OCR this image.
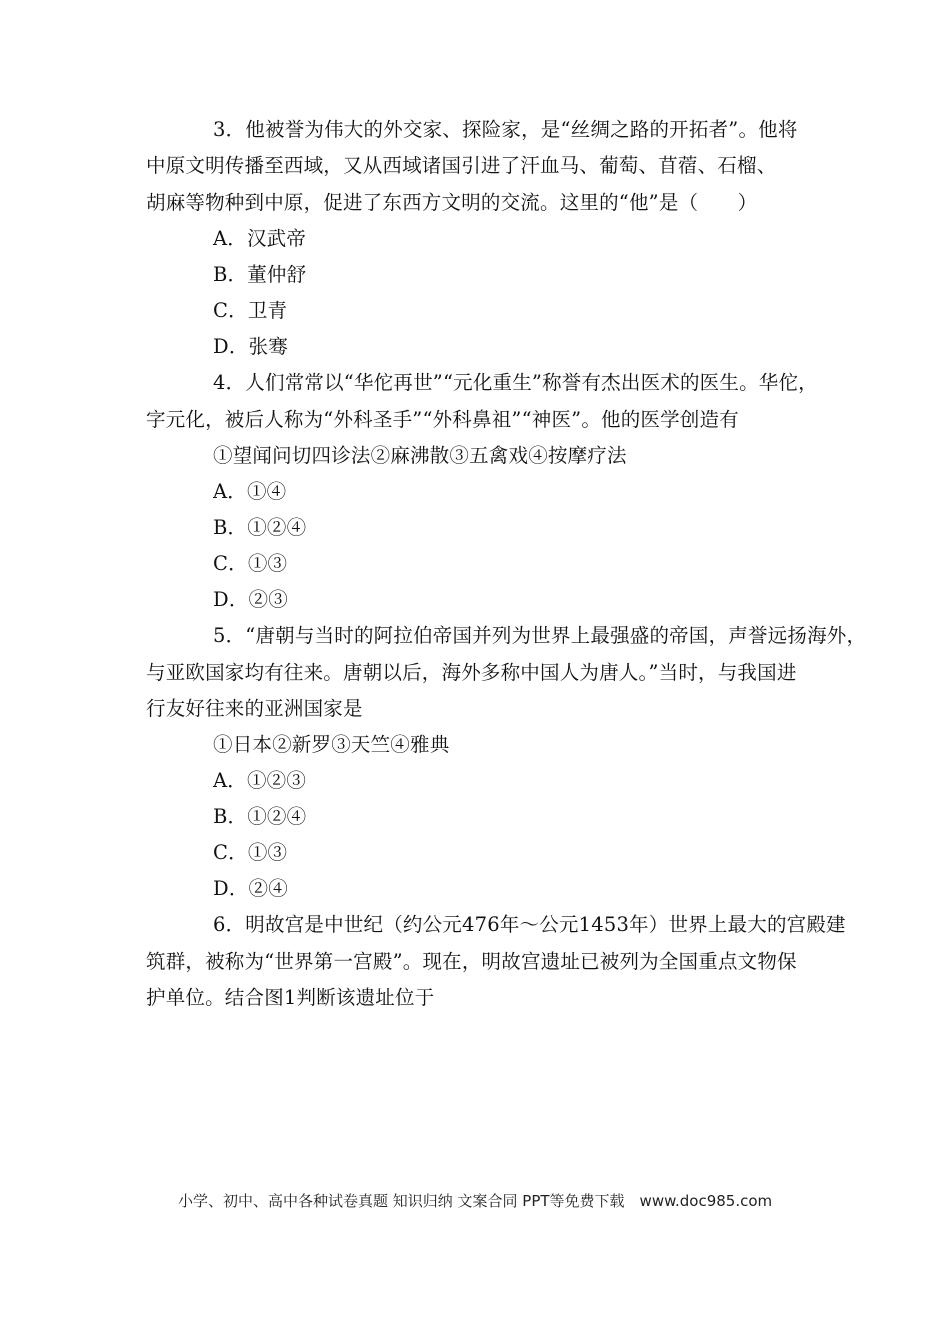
3．他被誉为伟大的外交家、探险家，是“丝绸之路的开拓者”。他将
中原文明传播至西域，又从西域诸国引进了汗血马、葡萄、苜蓿、石榴、
胡麻等物种到中原，促进了东西方文明的交流。这里的“他”是（　　）
A．汉武帝
B．董仲舒
C．卫青
D．张骞
4．人们常常以“华佗再世”“元化重生”称誉有杰出医术的医生。华佗，
字元化，被后人称为“外科圣手”“外科鼻祖”“神医”。他的医学创造有
①望闻问切四诊法②麻沸散③五禽戏④按摩疗法
A．①④
B．①②④
C．①③
D．②③
5．“唐朝与当时的阿拉伯帝国并列为世界上最强盛的帝国，声誉远扬海外，
与亚欧国家均有往来。唐朝以后，海外多称中国人为唐人。”当时，与我国进
行友好往来的亚洲国家是
①日本②新罗③天竺④雅典
A．①②③
B．①②④
C．①③
D．②④
6．明故宫是中世纪（约公元476年～公元1453年）世界上最大的宫殿建
筑群，被称为“世界第一宫殿”。现在，明故宫遗址已被列为全国重点文物保
护单位。结合图1判断该遗址位于
小学、初中、高中各种试卷真题 知识归纳 文案合同 PPT等免费下载　www.doc985.com
